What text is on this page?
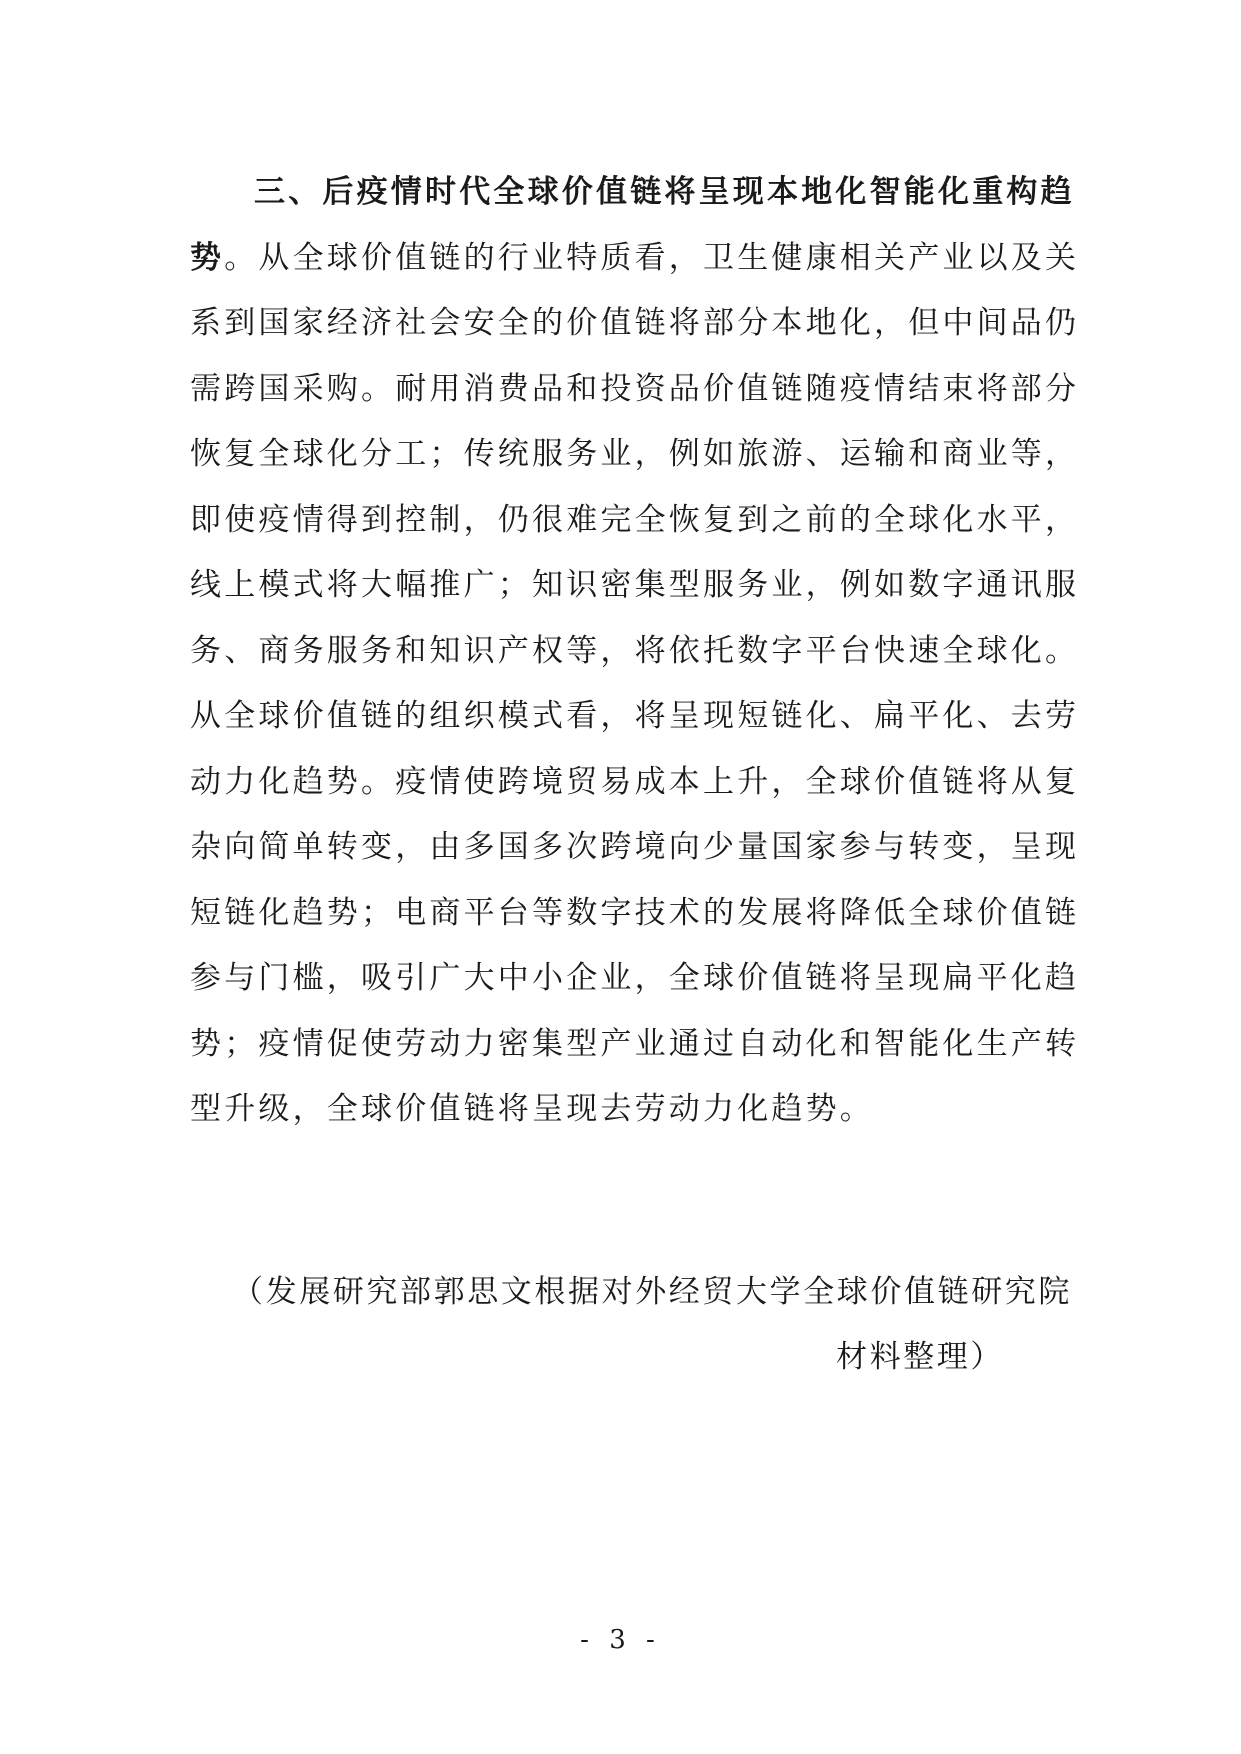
三、后疫情时代全球价值链将呈现本地化智能化重构趋
势。从全球价值链的行业特质看，卫生健康相关产业以及关
系到国家经济社会安全的价值链将部分本地化，但中间品仍
需跨国采购。耐用消费品和投资品价值链随疫情结束将部分
恢复全球化分工；传统服务业，例如旅游、运输和商业等，
即使疫情得到控制，仍很难完全恢复到之前的全球化水平，
线上模式将大幅推广；知识密集型服务业，例如数字通讯服
务、商务服务和知识产权等，将依托数字平台快速全球化。
从全球价值链的组织模式看，将呈现短链化、扁平化、去劳
动力化趋势。疫情使跨境贸易成本上升，全球价值链将从复
杂向简单转变，由多国多次跨境向少量国家参与转变，呈现
短链化趋势；电商平台等数字技术的发展将降低全球价值链
参与门槛，吸引广大中小企业，全球价值链将呈现扁平化趋
势；疫情促使劳动力密集型产业通过自动化和智能化生产转
型升级，全球价值链将呈现去劳动力化趋势。
（发展研究部郭思文根据对外经贸大学全球价值链研究院
材料整理）
- 3 -
